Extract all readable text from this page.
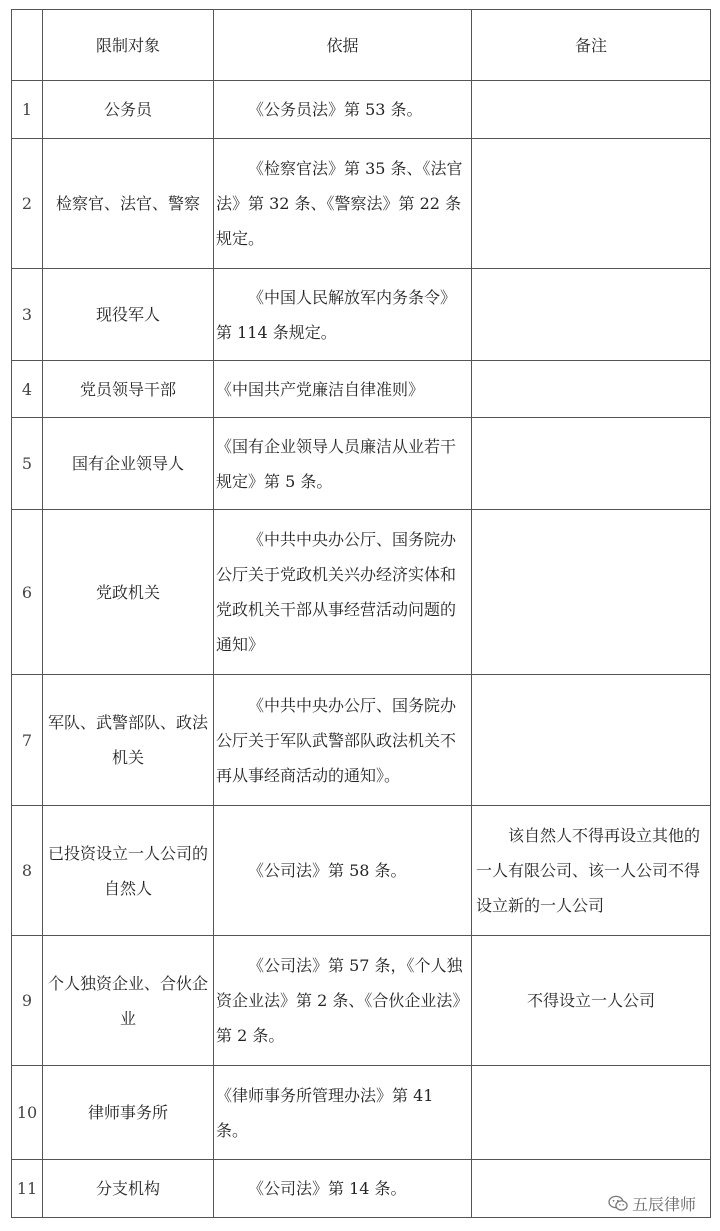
	限制对象	依据	备注
1	公务员	《公务员法》第 53 条。	
2	检察官、法官、警察	《检察官法》第 35 条、《法官法》第 32 条、《警察法》第 22 条规定。	
3	现役军人	《中国人民解放军内务条令》第 114 条规定。	
4	党员领导干部	《中国共产党廉洁自律准则》	
5	国有企业领导人	《国有企业领导人员廉洁从业若干规定》第 5 条。	
6	党政机关	《中共中央办公厅、国务院办公厅关于党政机关兴办经济实体和党政机关干部从事经营活动问题的通知》	
7	军队、武警部队、政法机关	《中共中央办公厅、国务院办公厅关于军队武警部队政法机关不再从事经商活动的通知》。	
8	已投资设立一人公司的自然人	《公司法》第 58 条。	该自然人不得再设立其他的一人有限公司、该一人公司不得设立新的一人公司
9	个人独资企业、合伙企业	《公司法》第 57 条，《个人独资企业法》第 2 条、《合伙企业法》第 2 条。	不得设立一人公司
10	律师事务所	《律师事务所管理办法》第 41 条。	
11	分支机构	《公司法》第 14 条。	
五辰律师
